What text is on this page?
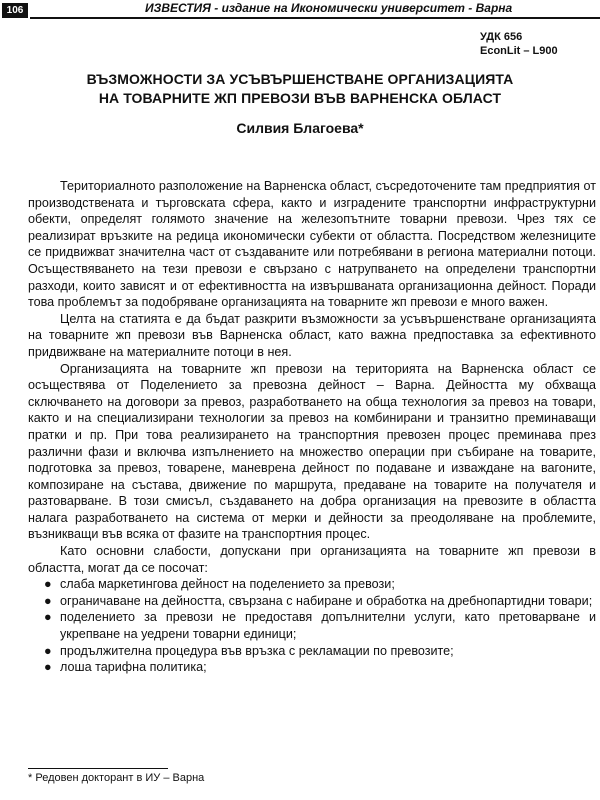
106	ИЗВЕСТИЯ - издание на Икономически университет - Варна
УДК 656
EconLit – L900
ВЪЗМОЖНОСТИ ЗА УСЪВЪРШЕНСТВАНЕ ОРГАНИЗАЦИЯТА
НА ТОВАРНИТЕ ЖП ПРЕВОЗИ ВЪВ ВАРНЕНСКА ОБЛАСТ
Силвия Благоева*

Териториалното разположение на Варненска област, съсредоточените там предприятия от производствената и търговската сфера, както и изградените транспортни инфраструктурни обекти, определят голямото значение на железопътните товарни превози. Чрез тях се реализират връзките на редица икономически субекти от областта. Посредством железниците се придвижват значителна част от създаваните или потребявани в региона материални потоци. Осъществяването на тези превози е свързано с натрупването на определени транспортни разходи, които зависят и от ефективността на извършваната организационна дейност. Поради това проблемът за подобряване организацията на товарните жп превози е много важен.

Целта на статията е да бъдат разкрити възможности за усъвършенстване организацията на товарните жп превози във Варненска област, като важна предпоставка за ефективното придвижване на материалните потоци в нея.

Организацията на товарните жп превози на територията на Варненска област се осъществява от Поделението за превозна дейност – Варна. Дейността му обхваща сключването на договори за превоз, разработването на обща технология за превоз на товари, както и на специализирани технологии за превоз на комбинирани и транзитно преминаващи пратки и пр. При това реализирането на транспортния превозен процес преминава през различни фази и включва изпълнението на множество операции при събиране на товарите, подготовка за превоз, товарене, маневрена дейност по подаване и изваждане на вагоните, композиране на състава, движение по маршрута, предаване на товарите на получателя и разтоварване. В този смисъл, създаването на добра организация на превозите в областта налага разработването на система от мерки и дейности за преодоляване на проблемите, възникващи във всяка от фазите на транспортния процес.

Като основни слабости, допускани при организацията на товарните жп превози в областта, могат да се посочат:

● слаба маркетингова дейност на поделението за превози;
● ограничаване на дейността, свързана с набиране и обработка на дребнопартидни товари;
● поделението за превози не предоставя допълнителни услуги, като претоварване и укрепване на уедрени товарни единици;
● продължителна процедура във връзка с рекламации по превозите;
● лоша тарифна политика;
* Редовен докторант в ИУ – Варна
